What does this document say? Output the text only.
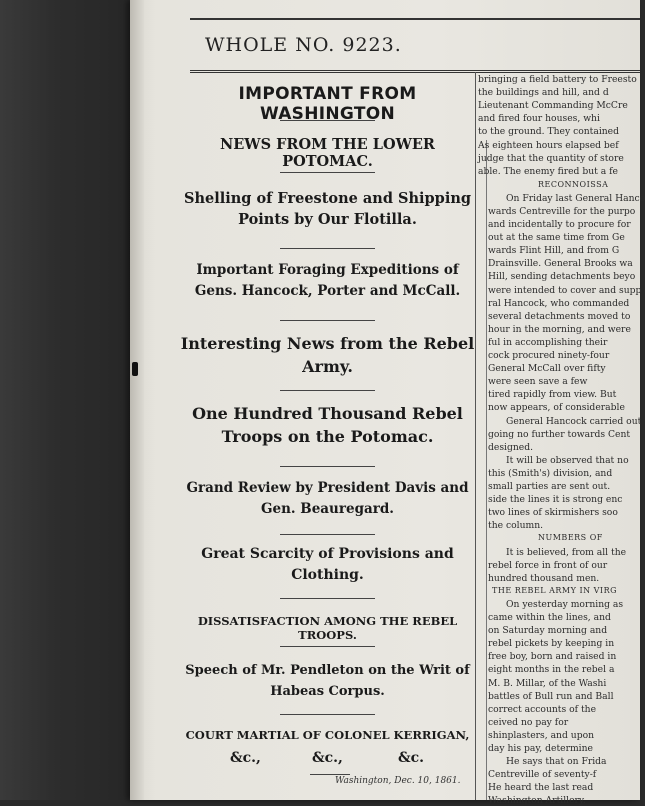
WHOLE NO. 9223.
IMPORTANT FROM WASHINGTON
NEWS FROM THE LOWER POTOMAC.
Shelling of Freestone and Shipping Points by Our Flotilla.
Important Foraging Expeditions of Gens. Hancock, Porter and McCall.
Interesting News from the Rebel Army.
One Hundred Thousand Rebel Troops on the Potomac.
Grand Review by President Davis and Gen. Beauregard.
Great Scarcity of Provisions and Clothing.
DISSATISFACTION AMONG THE REBEL TROOPS.
Speech of Mr. Pendleton on the Writ of Habeas Corpus.
COURT MARTIAL OF COLONEL KERRIGAN,
&c.,	&c.,	&c.
Washington, Dec. 10, 1861.
bringing a field battery to Freesto
the buildings and hill, and d
Lieutenant Commanding McCre
and fired four houses, whi
to the ground. They contained
As eighteen hours elapsed bef
judge that the quantity of store
able. The enemy fired but a fe
RECONNOISSA
On Friday last General Hanco
wards Centreville for the purpo
and incidentally to procure for
out at the same time from Ge
wards Flint Hill, and from G
Drainsville. General Brooks wa
Hill, sending detachments beyo
were intended to cover and supp
ral Hancock, who commanded
several detachments moved to
hour in the morning, and were
ful in accomplishing their
cock procured ninety-four
General McCall over fifty
were seen save a few
tired rapidly from view. But
now appears, of considerable
General Hancock carried out
going no further towards Cent
designed.
It will be observed that no
this (Smith's) division, and
small parties are sent out.
side the lines it is strong enc
two lines of skirmishers soo
the column.
NUMBERS OF
It is believed, from all the
rebel force in front of our
hundred thousand men.
THE REBEL ARMY IN VIRG
On yesterday morning as
came within the lines, and
on Saturday morning and
rebel pickets by keeping in
free boy, born and raised in
eight months in the rebel a
M. B. Millar, of the Washi
battles of Bull run and Ball
correct accounts of the
ceived no pay for
shinplasters, and upon
day his pay, determine
He says that on Frida
Centreville of seventy-f
He heard the last read
Washington Artillery.
